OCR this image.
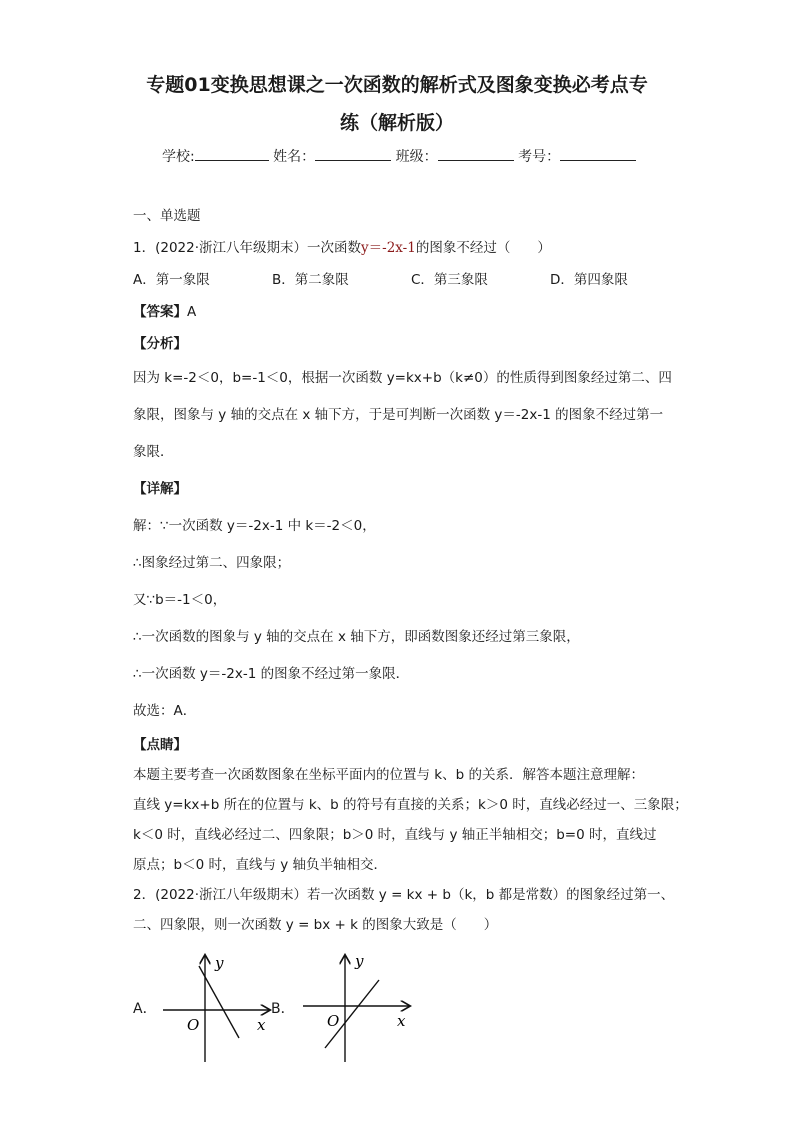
专题01变换思想课之一次函数的解析式及图象变换必考点专
练（解析版）
学校:	姓名：	班级：	考号：
一、单选题
1．(2022·浙江八年级期末）一次函数y＝-2x-1的图象不经过（　　）
A．第一象限	B．第二象限	C．第三象限	D．第四象限
【答案】A
【分析】
因为 k=-2＜0，b=-1＜0，根据一次函数 y=kx+b（k≠0）的性质得到图象经过第二、四
象限，图象与 y 轴的交点在 x 轴下方，于是可判断一次函数 y＝-2x-1 的图象不经过第一
象限．
【详解】
解：∵一次函数 y＝-2x-1 中 k＝-2＜0，
∴图象经过第二、四象限；
又∵b＝-1＜0，
∴一次函数的图象与 y 轴的交点在 x 轴下方，即函数图象还经过第三象限，
∴一次函数 y＝-2x-1 的图象不经过第一象限．
故选：A．
【点睛】
本题主要考查一次函数图象在坐标平面内的位置与 k、b 的关系．解答本题注意理解：
直线 y=kx+b 所在的位置与 k、b 的符号有直接的关系；k＞0 时，直线必经过一、三象限；
k＜0 时，直线必经过二、四象限；b＞0 时，直线与 y 轴正半轴相交；b=0 时，直线过
原点；b＜0 时，直线与 y 轴负半轴相交．
2．(2022·浙江八年级期末）若一次函数 y = kx + b（k，b 都是常数）的图象经过第一、
二、四象限，则一次函数 y = bx + k 的图象大致是（　　）
A．
y
x
O
B．
y
x
O
